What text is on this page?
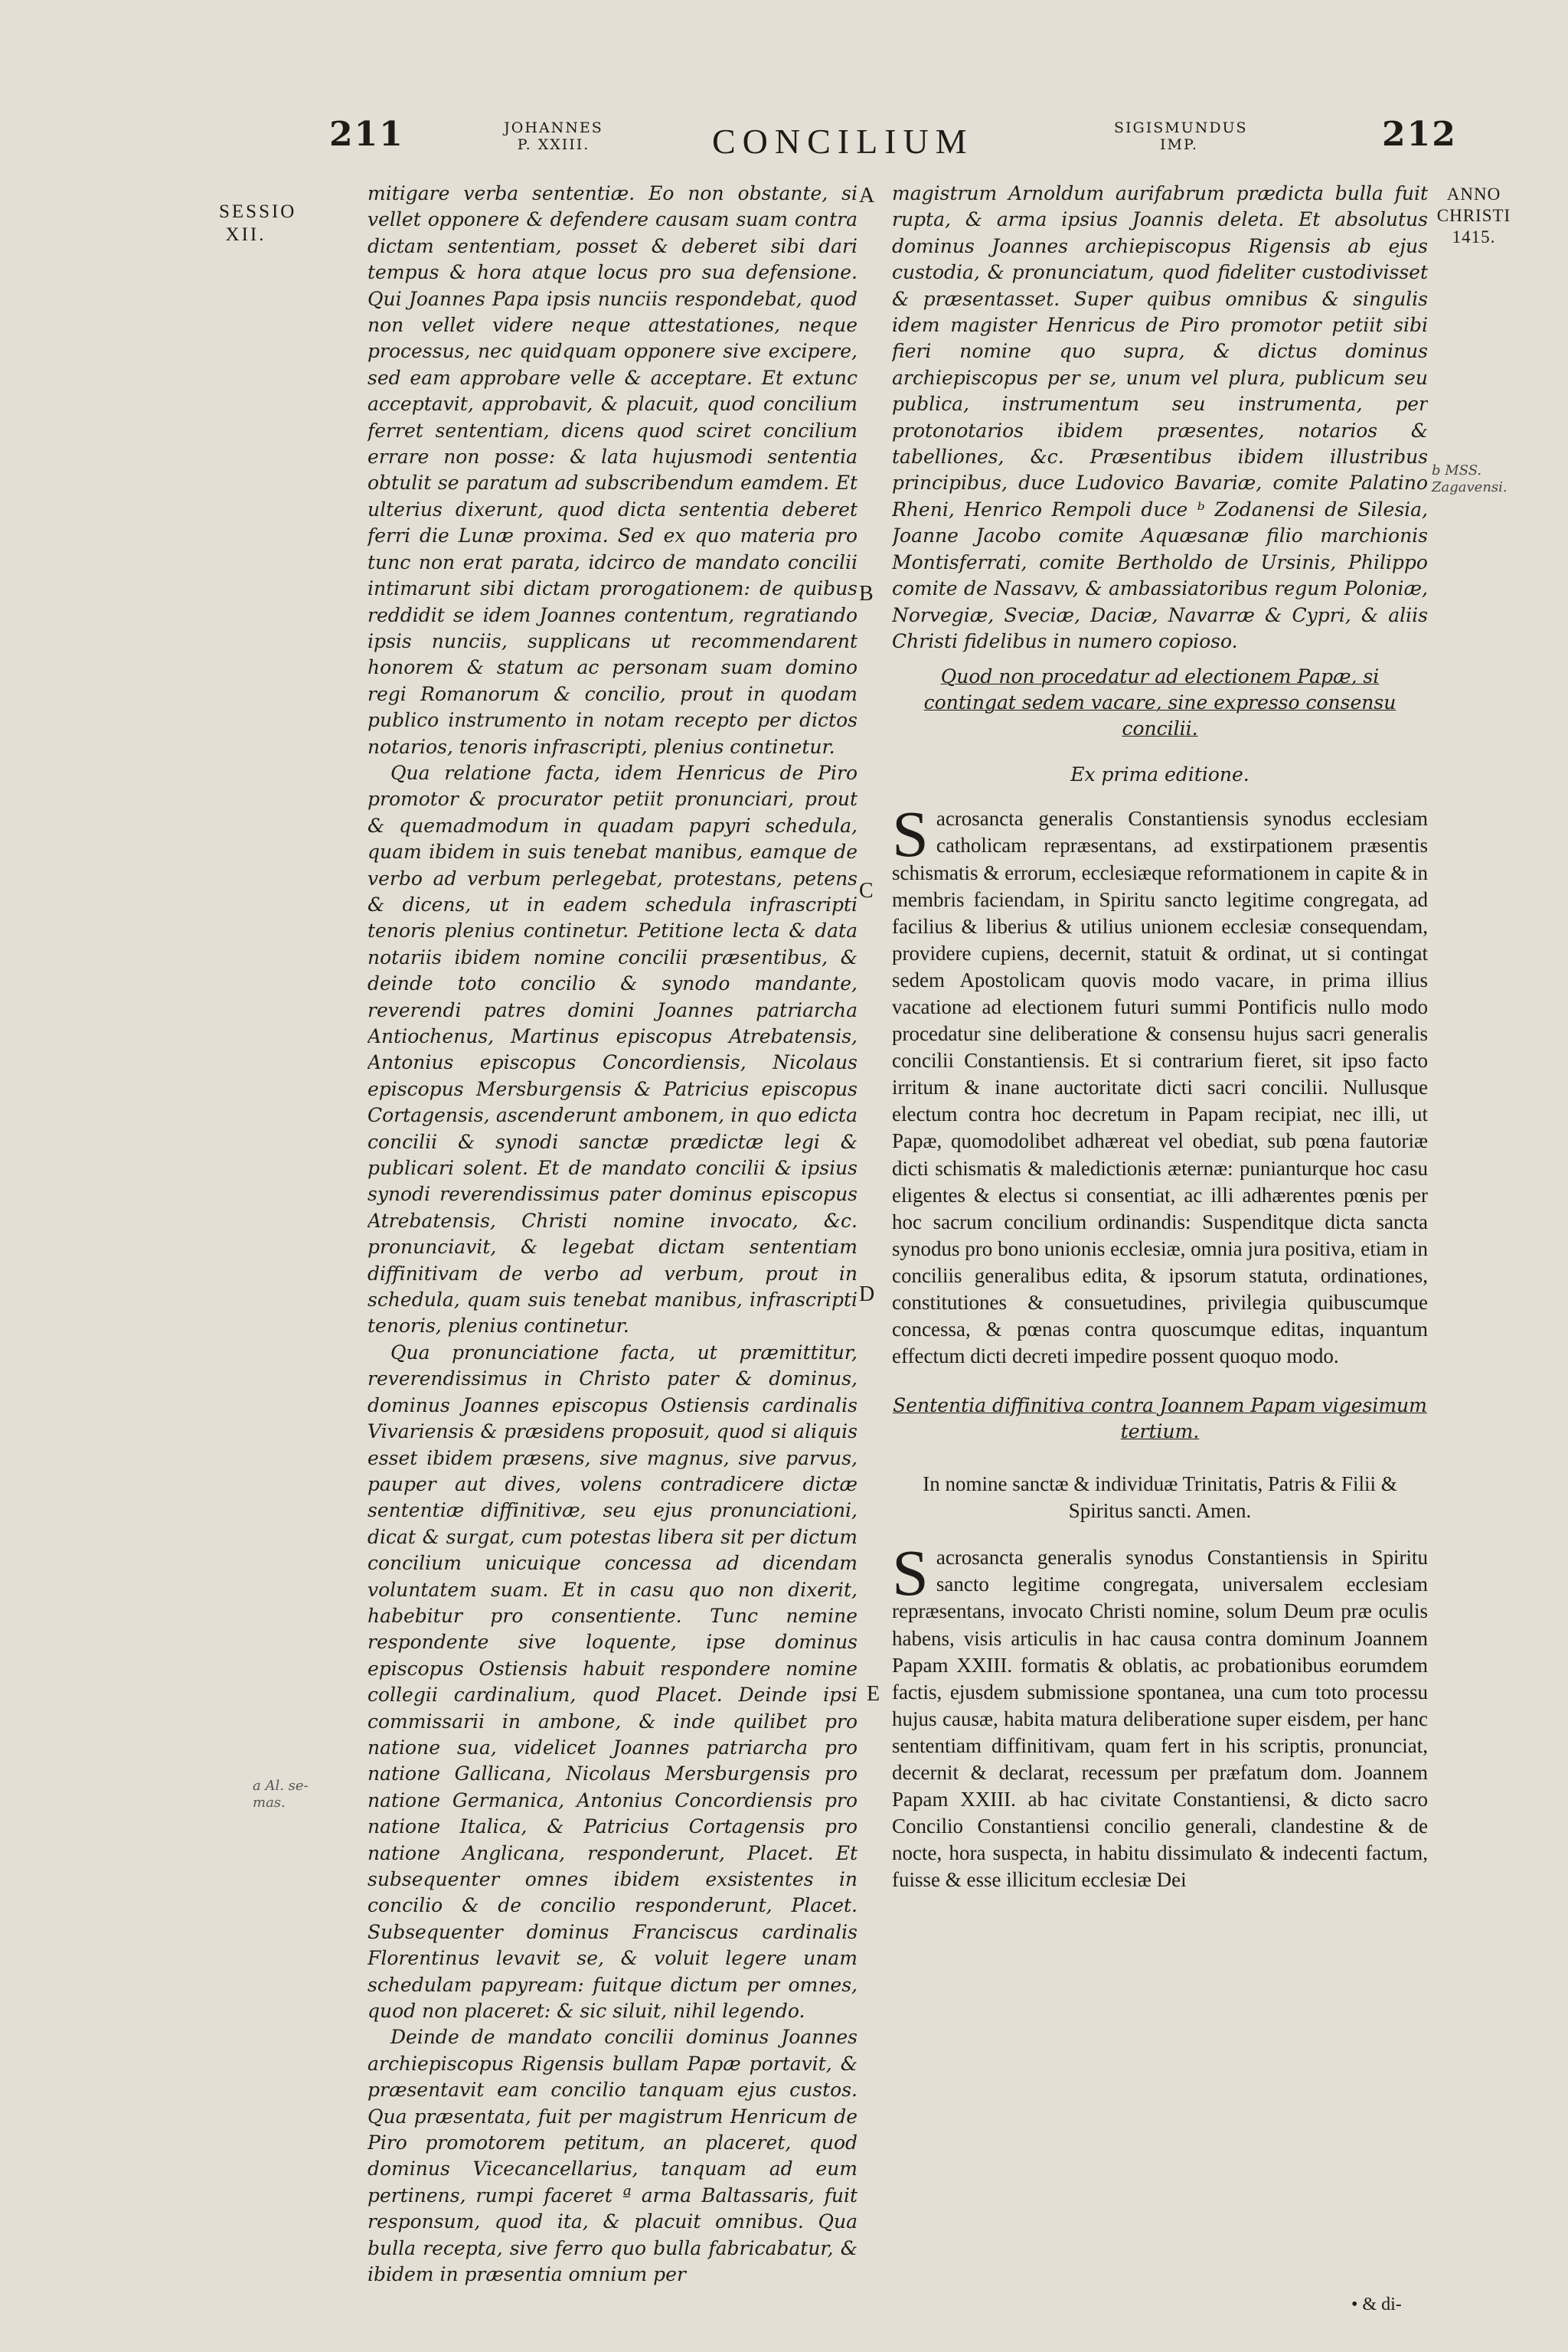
211	JOHANNES P. XXIII.	CONCILIUM	SIGISMUNDUS IMP.	212
SESSIO XII.
ANNO CHRISTI 1415.
a Al. se-mas.
b MSS. Zagavensi.
A
B
C
D
E

mitigare verba sententiæ. Eo non obstante, si vellet opponere & defendere causam suam contra dictam sententiam, posset & deberet sibi dari tempus & hora atque locus pro sua defensione. Qui Joannes Papa ipsis nunciis respondebat, quod non vellet videre neque attestationes, neque processus, nec quidquam opponere sive excipere, sed eam approbare velle & acceptare. Et extunc acceptavit, approbavit, & placuit, quod concilium ferret sententiam, dicens quod sciret concilium errare non posse: & lata hujusmodi sententia obtulit se paratum ad subscribendum eamdem. Et ulterius dixerunt, quod dicta sententia deberet ferri die Lunæ proxima. Sed ex quo materia pro tunc non erat parata, idcirco de mandato concilii intimarunt sibi dictam prorogationem: de quibus reddidit se idem Joannes contentum, regratiando ipsis nunciis, supplicans ut recommendarent honorem & statum ac personam suam domino regi Romanorum & concilio, prout in quodam publico instrumento in notam recepto per dictos notarios, tenoris infrascripti, plenius continetur.

Qua relatione facta, idem Henricus de Piro promotor & procurator petiit pronunciari, prout & quemadmodum in quadam papyri schedula, quam ibidem in suis tenebat manibus, eamque de verbo ad verbum perlegebat, protestans, petens & dicens, ut in eadem schedula infrascripti tenoris plenius continetur. Petitione lecta & data notariis ibidem nomine concilii præsentibus, & deinde toto concilio & synodo mandante, reverendi patres domini Joannes patriarcha Antiochenus, Martinus episcopus Atrebatensis, Antonius episcopus Concordiensis, Nicolaus episcopus Mersburgensis & Patricius episcopus Cortagensis, ascenderunt ambonem, in quo edicta concilii & synodi sanctæ prædictæ legi & publicari solent. Et de mandato concilii & ipsius synodi reverendissimus pater dominus episcopus Atrebatensis, Christi nomine invocato, &c. pronunciavit, & legebat dictam sententiam diffinitivam de verbo ad verbum, prout in schedula, quam suis tenebat manibus, infrascripti tenoris, plenius continetur.

Qua pronunciatione facta, ut præmittitur, reverendissimus in Christo pater & dominus, dominus Joannes episcopus Ostiensis cardinalis Vivariensis & præsidens proposuit, quod si aliquis esset ibidem præsens, sive magnus, sive parvus, pauper aut dives, volens contradicere dictæ sententiæ diffinitivæ, seu ejus pronunciationi, dicat & surgat, cum potestas libera sit per dictum concilium unicuique concessa ad dicendam voluntatem suam. Et in casu quo non dixerit, habebitur pro consentiente. Tunc nemine respondente sive loquente, ipse dominus episcopus Ostiensis habuit respondere nomine collegii cardinalium, quod Placet. Deinde ipsi commissarii in ambone, & inde quilibet pro natione sua, videlicet Joannes patriarcha pro natione Gallicana, Nicolaus Mersburgensis pro natione Germanica, Antonius Concordiensis pro natione Italica, & Patricius Cortagensis pro natione Anglicana, responderunt, Placet. Et subsequenter omnes ibidem exsistentes in concilio & de concilio responderunt, Placet. Subsequenter dominus Franciscus cardinalis Florentinus levavit se, & voluit legere unam schedulam papyream: fuitque dictum per omnes, quod non placeret: & sic siluit, nihil legendo.

Deinde de mandato concilii dominus Joannes archiepiscopus Rigensis bullam Papæ portavit, & præsentavit eam concilio tanquam ejus custos. Qua præsentata, fuit per magistrum Henricum de Piro promotorem petitum, an placeret, quod dominus Vicecancellarius, tanquam ad eum pertinens, rumpi faceret ª arma Baltassaris, fuit responsum, quod ita, & placuit omnibus. Qua bulla recepta, sive ferro quo bulla fabricabatur, & ibidem in præsentia omnium per

magistrum Arnoldum aurifabrum prædicta bulla fuit rupta, & arma ipsius Joannis deleta. Et absolutus dominus Joannes archiepiscopus Rigensis ab ejus custodia, & pronunciatum, quod fideliter custodivisset & præsentasset. Super quibus omnibus & singulis idem magister Henricus de Piro promotor petiit sibi fieri nomine quo supra, & dictus dominus archiepiscopus per se, unum vel plura, publicum seu publica, instrumentum seu instrumenta, per protonotarios ibidem præsentes, notarios & tabelliones, &c. Præsentibus ibidem illustribus principibus, duce Ludovico Bavariæ, comite Palatino Rheni, Henrico Rempoli duce ᵇ Zodanensi de Silesia, Joanne Jacobo comite Aquæsanæ filio marchionis Montisferrati, comite Bertholdo de Ursinis, Philippo comite de Nassavv, & ambassiatoribus regum Poloniæ, Norvegiæ, Sveciæ, Daciæ, Navarræ & Cypri, & aliis Christi fidelibus in numero copioso.
Quod non procedatur ad electionem Papæ, si contingat sedem vacare, sine expresso consensu concilii.
Ex prima editione.
Sacrosancta generalis Constantiensis synodus ecclesiam catholicam repræsentans, ad exstirpationem præsentis schismatis & errorum, ecclesiæque reformationem in capite & in membris faciendam, in Spiritu sancto legitime congregata, ad facilius & liberius & utilius unionem ecclesiæ consequendam, providere cupiens, decernit, statuit & ordinat, ut si contingat sedem Apostolicam quovis modo vacare, in prima illius vacatione ad electionem futuri summi Pontificis nullo modo procedatur sine deliberatione & consensu hujus sacri generalis concilii Constantiensis. Et si contrarium fieret, sit ipso facto irritum & inane auctoritate dicti sacri concilii. Nullusque electum contra hoc decretum in Papam recipiat, nec illi, ut Papæ, quomodolibet adhæreat vel obediat, sub pœna fautoriæ dicti schismatis & maledictionis æternæ: punianturque hoc casu eligentes & electus si consentiat, ac illi adhærentes pœnis per hoc sacrum concilium ordinandis: Suspenditque dicta sancta synodus pro bono unionis ecclesiæ, omnia jura positiva, etiam in conciliis generalibus edita, & ipsorum statuta, ordinationes, constitutiones & consuetudines, privilegia quibuscumque concessa, & pœnas contra quoscumque editas, inquantum effectum dicti decreti impedire possent quoquo modo.
Sententia diffinitiva contra Joannem Papam vigesimum tertium.
In nomine sanctæ & individuæ Trinitatis, Patris & Filii & Spiritus sancti. Amen.
Sacrosancta generalis synodus Constantiensis in Spiritu sancto legitime congregata, universalem ecclesiam repræsentans, invocato Christi nomine, solum Deum præ oculis habens, visis articulis in hac causa contra dominum Joannem Papam XXIII. formatis & oblatis, ac probationibus eorumdem factis, ejusdem submissione spontanea, una cum toto processu hujus causæ, habita matura deliberatione super eisdem, per hanc sententiam diffinitivam, quam fert in his scriptis, pronunciat, decernit & declarat, recessum per præfatum dom. Joannem Papam XXIII. ab hac civitate Constantiensi, & dicto sacro Concilio Constantiensi concilio generali, clandestine & de nocte, hora suspecta, in habitu dissimulato & indecenti factum, fuisse & esse illicitum ecclesiæ Dei
• & di-
